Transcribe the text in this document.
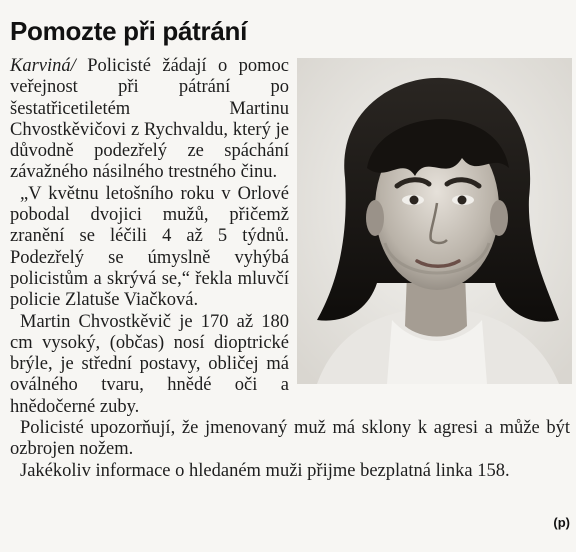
Pomozte při pátrání

Karviná/ Policisté žádají o pomoc veřejnost při pátrání po šestatřicetiletém Martinu Chvostkěvičovi z Rychvaldu, který je důvodně podezřelý ze spáchání závažného násilného trestného činu.

„V květnu letošního roku v Orlové pobodal dvojici mužů, přičemž zranění se léčili 4 až 5 týdnů. Podezřelý se úmyslně vyhýbá policistům a skrývá se,“ řekla mluvčí policie Zlatuše Viačková.

Martin Chvostkěvič je 170 až 180 cm vysoký, (občas) nosí dioptrické brýle, je střední postavy, obličej má oválného tvaru, hnědé oči a hnědočerné zuby.

Policisté upozorňují, že jmenovaný muž má sklony k agresi a může být ozbrojen nožem.

Jakékoliv informace o hledaném muži přijme bezplatná linka 158.

(p)
